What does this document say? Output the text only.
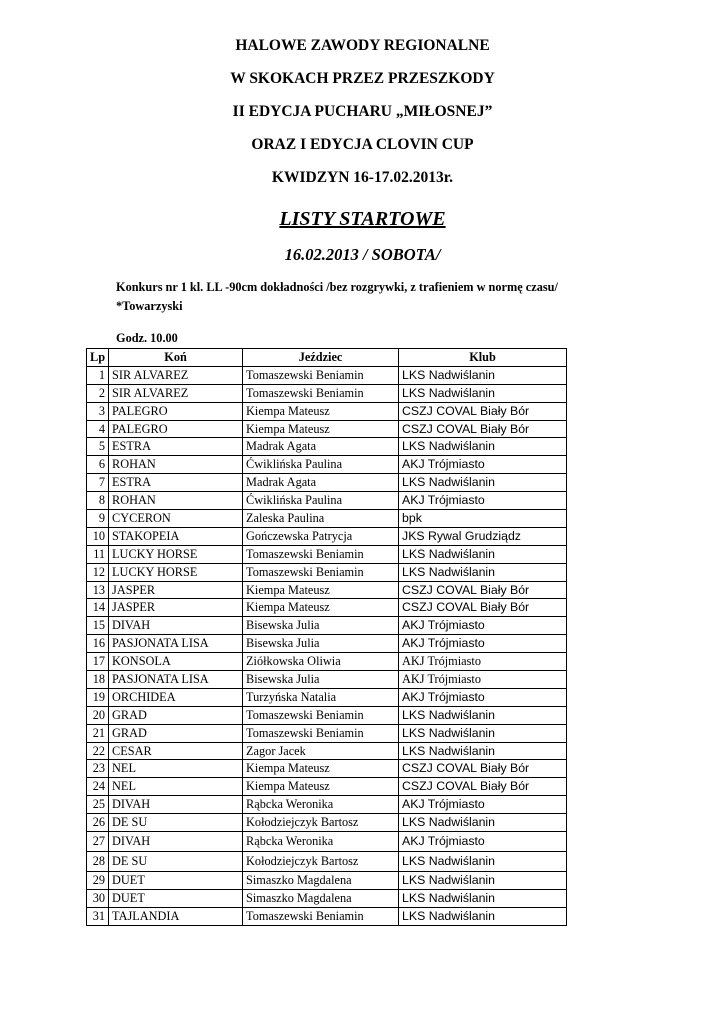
HALOWE ZAWODY REGIONALNE
W SKOKACH PRZEZ PRZESZKODY
II EDYCJA PUCHARU „MIŁOSNEJ”
ORAZ I EDYCJA CLOVIN CUP
KWIDZYN 16-17.02.2013r.
LISTY STARTOWE
16.02.2013 / SOBOTA/
Konkurs nr 1 kl. LL -90cm dokładności /bez rozgrywki, z trafieniem w normę czasu/ *Towarzyski
Godz. 10.00
Lp	Koń	Jeździec	Klub
1	SIR ALVAREZ	Tomaszewski Beniamin	LKS Nadwiślanin
2	SIR ALVAREZ	Tomaszewski Beniamin	LKS Nadwiślanin
3	PALEGRO	Kiempa Mateusz	CSZJ COVAL Biały Bór
4	PALEGRO	Kiempa Mateusz	CSZJ COVAL Biały Bór
5	ESTRA	Madrak Agata	LKS Nadwiślanin
6	ROHAN	Ćwiklińska Paulina	AKJ Trójmiasto
7	ESTRA	Madrak Agata	LKS Nadwiślanin
8	ROHAN	Ćwiklińska Paulina	AKJ Trójmiasto
9	CYCERON	Zaleska Paulina	bpk
10	STAKOPEIA	Gończewska Patrycja	JKS Rywal Grudziądz
11	LUCKY HORSE	Tomaszewski Beniamin	LKS Nadwiślanin
12	LUCKY HORSE	Tomaszewski Beniamin	LKS Nadwiślanin
13	JASPER	Kiempa Mateusz	CSZJ COVAL Biały Bór
14	JASPER	Kiempa Mateusz	CSZJ COVAL Biały Bór
15	DIVAH	Bisewska Julia	AKJ Trójmiasto
16	PASJONATA LISA	Bisewska Julia	AKJ Trójmiasto
17	KONSOLA	Ziółkowska Oliwia	AKJ Trójmiasto
18	PASJONATA LISA	Bisewska Julia	AKJ Trójmiasto
19	ORCHIDEA	Turzyńska Natalia	AKJ Trójmiasto
20	GRAD	Tomaszewski Beniamin	LKS Nadwiślanin
21	GRAD	Tomaszewski Beniamin	LKS Nadwiślanin
22	CESAR	Zagor Jacek	LKS Nadwiślanin
23	NEL	Kiempa Mateusz	CSZJ COVAL Biały Bór
24	NEL	Kiempa Mateusz	CSZJ COVAL Biały Bór
25	DIVAH	Rąbcka Weronika	AKJ Trójmiasto
26	DE SU	Kołodziejczyk Bartosz	LKS Nadwiślanin
27	DIVAH	Rąbcka Weronika	AKJ Trójmiasto
28	DE SU	Kołodziejczyk Bartosz	LKS Nadwiślanin
29	DUET	Simaszko Magdalena	LKS Nadwiślanin
30	DUET	Simaszko Magdalena	LKS Nadwiślanin
31	TAJLANDIA	Tomaszewski Beniamin	LKS Nadwiślanin
